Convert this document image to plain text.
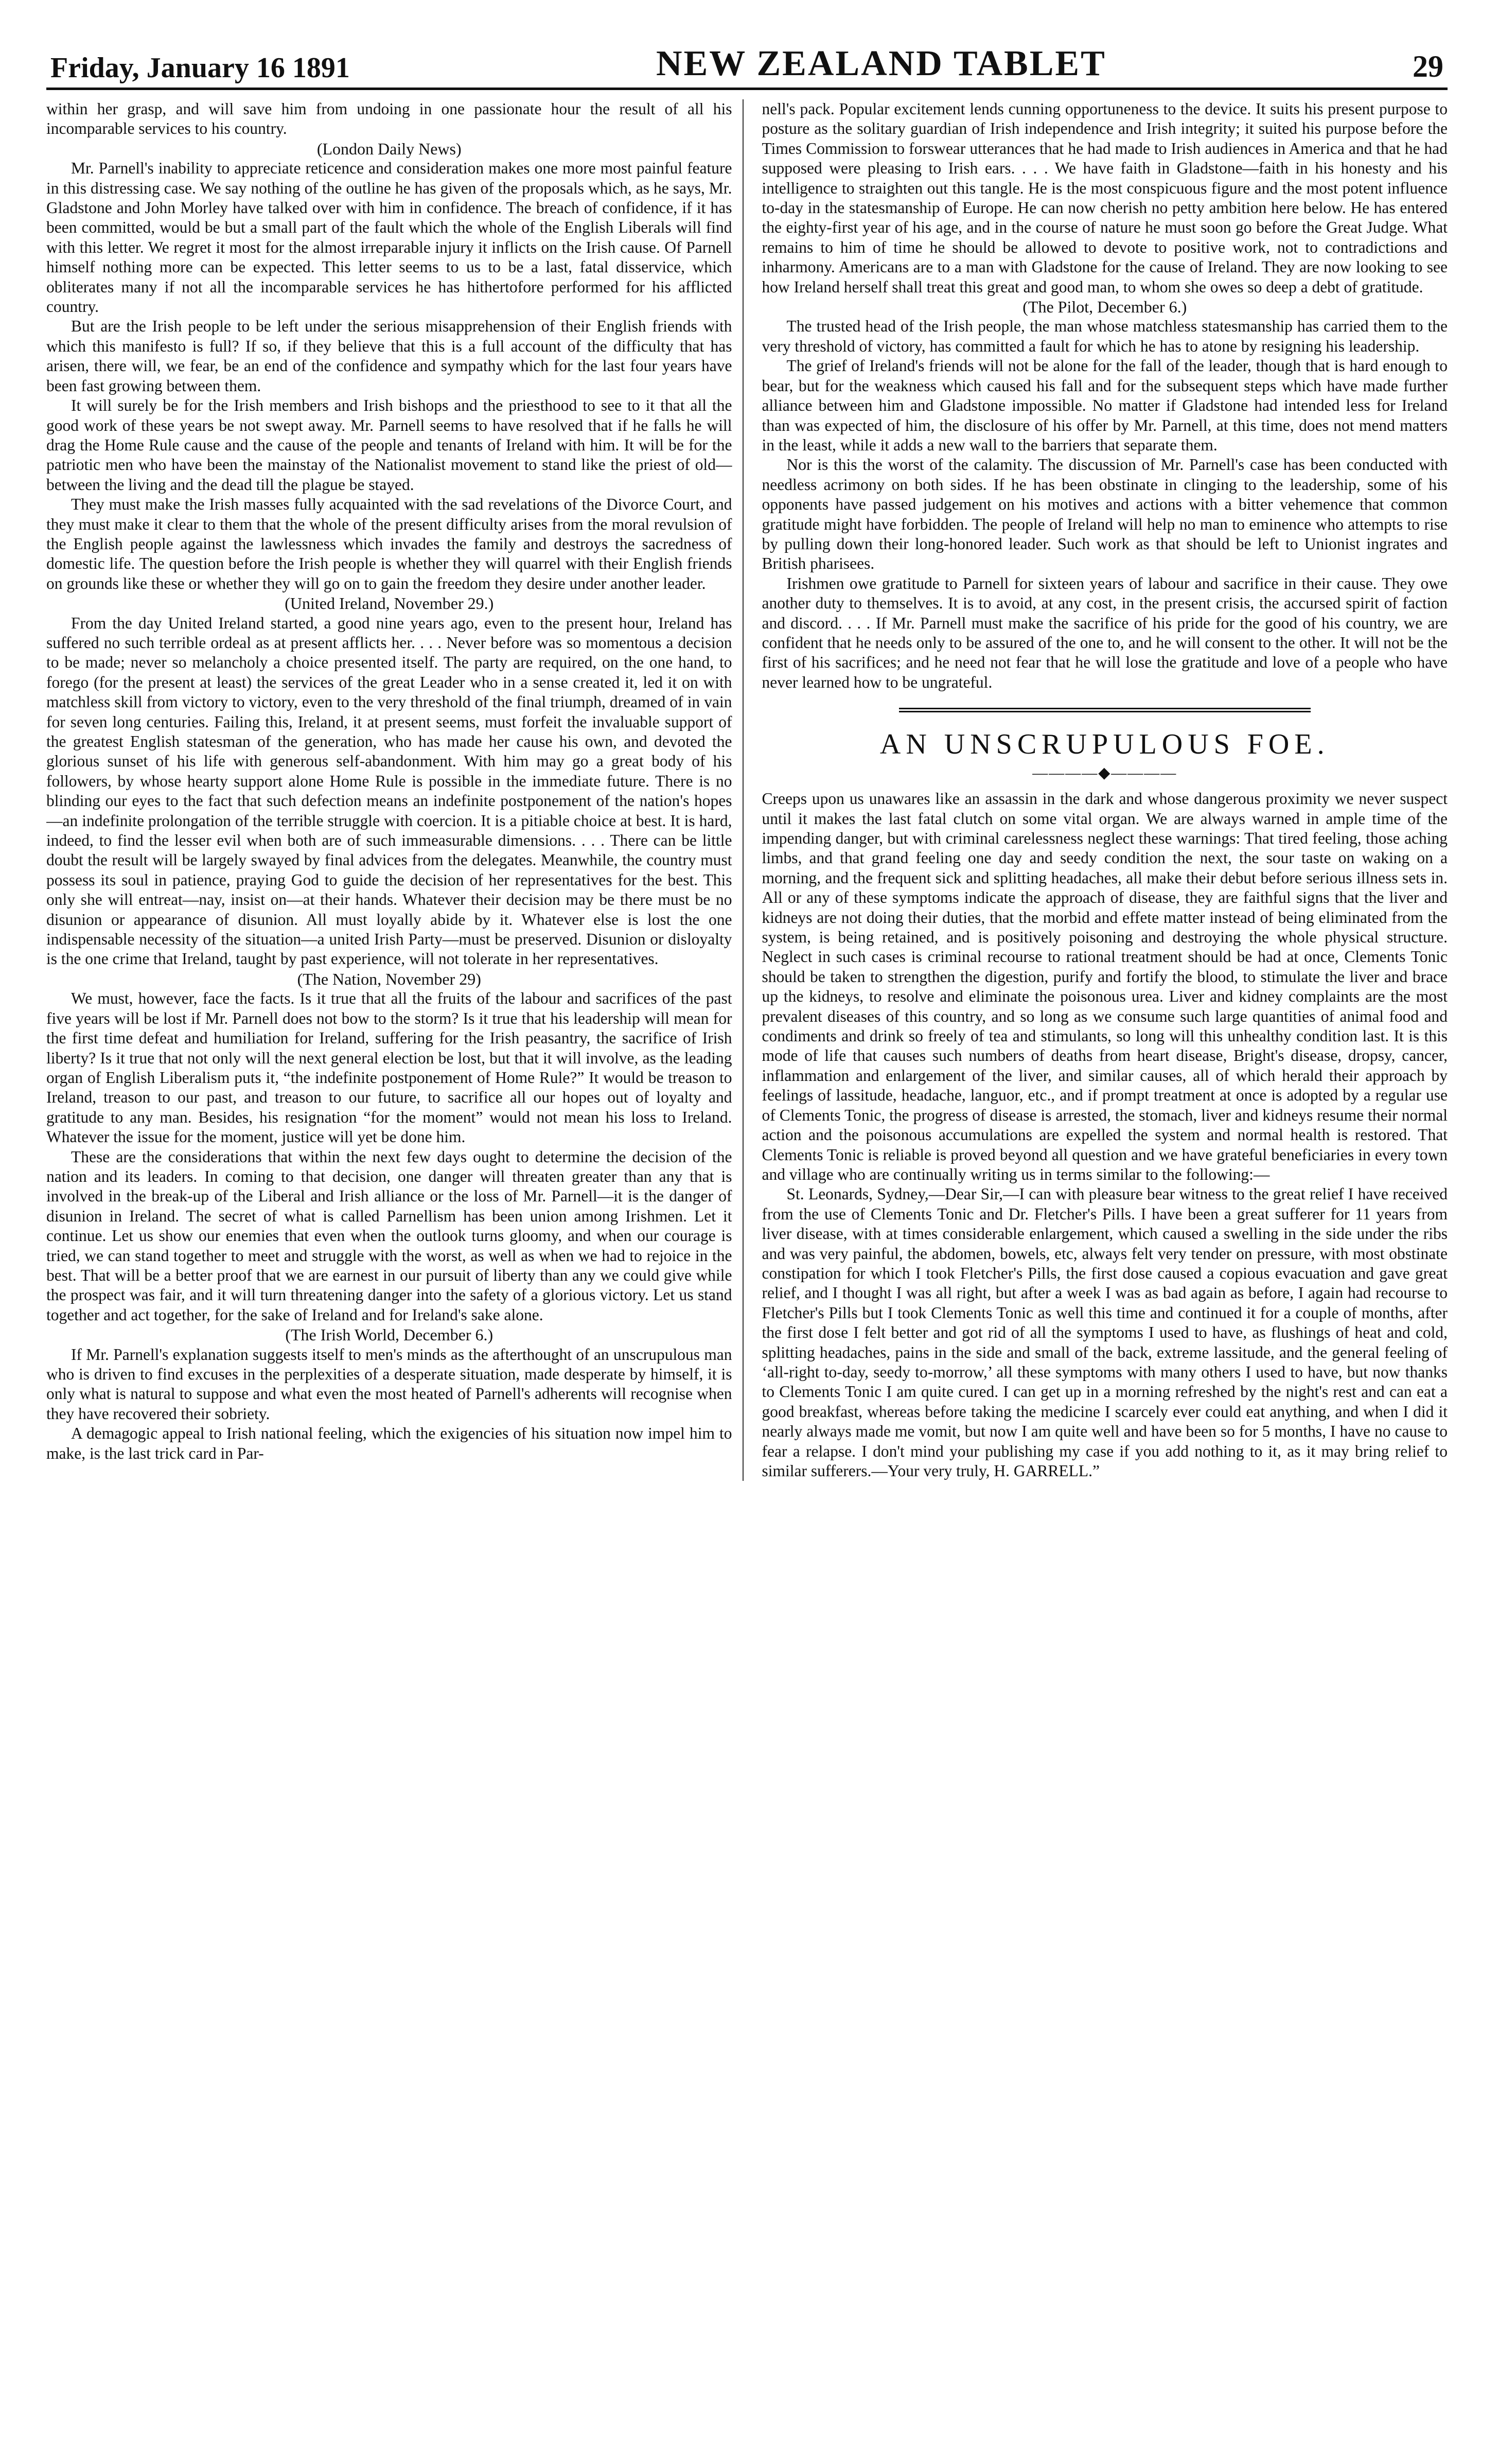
Friday, January 16 1891	NEW ZEALAND TABLET	29

within her grasp, and will save him from undoing in one passionate hour the result of all his incomparable services to his country.

(London Daily News)

Mr. Parnell's inability to appreciate reticence and consideration makes one more most painful feature in this distressing case. We say nothing of the outline he has given of the proposals which, as he says, Mr. Gladstone and John Morley have talked over with him in confidence. The breach of confidence, if it has been committed, would be but a small part of the fault which the whole of the English Liberals will find with this letter. We regret it most for the almost irreparable injury it inflicts on the Irish cause. Of Parnell himself nothing more can be expected. This letter seems to us to be a last, fatal disservice, which obliterates many if not all the incomparable services he has hithertofore performed for his afflicted country.

But are the Irish people to be left under the serious misapprehension of their English friends with which this manifesto is full? If so, if they believe that this is a full account of the difficulty that has arisen, there will, we fear, be an end of the confidence and sympathy which for the last four years have been fast growing between them.

It will surely be for the Irish members and Irish bishops and the priesthood to see to it that all the good work of these years be not swept away. Mr. Parnell seems to have resolved that if he falls he will drag the Home Rule cause and the cause of the people and tenants of Ireland with him. It will be for the patriotic men who have been the mainstay of the Nationalist movement to stand like the priest of old—between the living and the dead till the plague be stayed.

They must make the Irish masses fully acquainted with the sad revelations of the Divorce Court, and they must make it clear to them that the whole of the present difficulty arises from the moral revulsion of the English people against the lawlessness which invades the family and destroys the sacredness of domestic life. The question before the Irish people is whether they will quarrel with their English friends on grounds like these or whether they will go on to gain the freedom they desire under another leader.

(United Ireland, November 29.)

From the day United Ireland started, a good nine years ago, even to the present hour, Ireland has suffered no such terrible ordeal as at present afflicts her. . . . Never before was so momentous a decision to be made; never so melancholy a choice presented itself. The party are required, on the one hand, to forego (for the present at least) the services of the great Leader who in a sense created it, led it on with matchless skill from victory to victory, even to the very threshold of the final triumph, dreamed of in vain for seven long centuries. Failing this, Ireland, it at present seems, must forfeit the invaluable support of the greatest English statesman of the generation, who has made her cause his own, and devoted the glorious sunset of his life with generous self-abandonment. With him may go a great body of his followers, by whose hearty support alone Home Rule is possible in the immediate future. There is no blinding our eyes to the fact that such defection means an indefinite postponement of the nation's hopes—an indefinite prolongation of the terrible struggle with coercion. It is a pitiable choice at best. It is hard, indeed, to find the lesser evil when both are of such immeasurable dimensions. . . . There can be little doubt the result will be largely swayed by final advices from the delegates. Meanwhile, the country must possess its soul in patience, praying God to guide the decision of her representatives for the best. This only she will entreat—nay, insist on—at their hands. Whatever their decision may be there must be no disunion or appearance of disunion. All must loyally abide by it. Whatever else is lost the one indispensable necessity of the situation—a united Irish Party—must be preserved. Disunion or disloyalty is the one crime that Ireland, taught by past experience, will not tolerate in her representatives.

(The Nation, November 29)

We must, however, face the facts. Is it true that all the fruits of the labour and sacrifices of the past five years will be lost if Mr. Parnell does not bow to the storm? Is it true that his leadership will mean for the first time defeat and humiliation for Ireland, suffering for the Irish peasantry, the sacrifice of Irish liberty? Is it true that not only will the next general election be lost, but that it will involve, as the leading organ of English Liberalism puts it, “the indefinite postponement of Home Rule?” It would be treason to Ireland, treason to our past, and treason to our future, to sacrifice all our hopes out of loyalty and gratitude to any man. Besides, his resignation “for the moment” would not mean his loss to Ireland. Whatever the issue for the moment, justice will yet be done him.

These are the considerations that within the next few days ought to determine the decision of the nation and its leaders. In coming to that decision, one danger will threaten greater than any that is involved in the break-up of the Liberal and Irish alliance or the loss of Mr. Parnell—it is the danger of disunion in Ireland. The secret of what is called Parnellism has been union among Irishmen. Let it continue. Let us show our enemies that even when the outlook turns gloomy, and when our courage is tried, we can stand together to meet and struggle with the worst, as well as when we had to rejoice in the best. That will be a better proof that we are earnest in our pursuit of liberty than any we could give while the prospect was fair, and it will turn threatening danger into the safety of a glorious victory. Let us stand together and act together, for the sake of Ireland and for Ireland's sake alone.

(The Irish World, December 6.)

If Mr. Parnell's explanation suggests itself to men's minds as the afterthought of an unscrupulous man who is driven to find excuses in the perplexities of a desperate situation, made desperate by himself, it is only what is natural to suppose and what even the most heated of Parnell's adherents will recognise when they have recovered their sobriety.

A demagogic appeal to Irish national feeling, which the exigencies of his situation now impel him to make, is the last trick card in Par-

nell's pack. Popular excitement lends cunning opportuneness to the device. It suits his present purpose to posture as the solitary guardian of Irish independence and Irish integrity; it suited his purpose before the Times Commission to forswear utterances that he had made to Irish audiences in America and that he had supposed were pleasing to Irish ears. . . . We have faith in Gladstone—faith in his honesty and his intelligence to straighten out this tangle. He is the most conspicuous figure and the most potent influence to-day in the statesmanship of Europe. He can now cherish no petty ambition here below. He has entered the eighty-first year of his age, and in the course of nature he must soon go before the Great Judge. What remains to him of time he should be allowed to devote to positive work, not to contradictions and inharmony. Americans are to a man with Gladstone for the cause of Ireland. They are now looking to see how Ireland herself shall treat this great and good man, to whom she owes so deep a debt of gratitude.

(The Pilot, December 6.)

The trusted head of the Irish people, the man whose matchless statesmanship has carried them to the very threshold of victory, has committed a fault for which he has to atone by resigning his leadership.

The grief of Ireland's friends will not be alone for the fall of the leader, though that is hard enough to bear, but for the weakness which caused his fall and for the subsequent steps which have made further alliance between him and Gladstone impossible. No matter if Gladstone had intended less for Ireland than was expected of him, the disclosure of his offer by Mr. Parnell, at this time, does not mend matters in the least, while it adds a new wall to the barriers that separate them.

Nor is this the worst of the calamity. The discussion of Mr. Parnell's case has been conducted with needless acrimony on both sides. If he has been obstinate in clinging to the leadership, some of his opponents have passed judgement on his motives and actions with a bitter vehemence that common gratitude might have forbidden. The people of Ireland will help no man to eminence who attempts to rise by pulling down their long-honored leader. Such work as that should be left to Unionist ingrates and British pharisees.

Irishmen owe gratitude to Parnell for sixteen years of labour and sacrifice in their cause. They owe another duty to themselves. It is to avoid, at any cost, in the present crisis, the accursed spirit of faction and discord. . . . If Mr. Parnell must make the sacrifice of his pride for the good of his country, we are confident that he needs only to be assured of the one to, and he will consent to the other. It will not be the first of his sacrifices; and he need not fear that he will lose the gratitude and love of a people who have never learned how to be ungrateful.

AN UNSCRUPULOUS FOE.
————◆————

Creeps upon us unawares like an assassin in the dark and whose dangerous proximity we never suspect until it makes the last fatal clutch on some vital organ. We are always warned in ample time of the impending danger, but with criminal carelessness neglect these warnings: That tired feeling, those aching limbs, and that grand feeling one day and seedy condition the next, the sour taste on waking on a morning, and the frequent sick and splitting headaches, all make their debut before serious illness sets in. All or any of these symptoms indicate the approach of disease, they are faithful signs that the liver and kidneys are not doing their duties, that the morbid and effete matter instead of being eliminated from the system, is being retained, and is positively poisoning and destroying the whole physical structure. Neglect in such cases is criminal recourse to rational treatment should be had at once, Clements Tonic should be taken to strengthen the digestion, purify and fortify the blood, to stimulate the liver and brace up the kidneys, to resolve and eliminate the poisonous urea. Liver and kidney complaints are the most prevalent diseases of this country, and so long as we consume such large quantities of animal food and condiments and drink so freely of tea and stimulants, so long will this unhealthy condition last. It is this mode of life that causes such numbers of deaths from heart disease, Bright's disease, dropsy, cancer, inflammation and enlargement of the liver, and similar causes, all of which herald their approach by feelings of lassitude, headache, languor, etc., and if prompt treatment at once is adopted by a regular use of Clements Tonic, the progress of disease is arrested, the stomach, liver and kidneys resume their normal action and the poisonous accumulations are expelled the system and normal health is restored. That Clements Tonic is reliable is proved beyond all question and we have grateful beneficiaries in every town and village who are continually writing us in terms similar to the following:—

St. Leonards, Sydney,—Dear Sir,—I can with pleasure bear witness to the great relief I have received from the use of Clements Tonic and Dr. Fletcher's Pills. I have been a great sufferer for 11 years from liver disease, with at times considerable enlargement, which caused a swelling in the side under the ribs and was very painful, the abdomen, bowels, etc, always felt very tender on pressure, with most obstinate constipation for which I took Fletcher's Pills, the first dose caused a copious evacuation and gave great relief, and I thought I was all right, but after a week I was as bad again as before, I again had recourse to Fletcher's Pills but I took Clements Tonic as well this time and continued it for a couple of months, after the first dose I felt better and got rid of all the symptoms I used to have, as flushings of heat and cold, splitting headaches, pains in the side and small of the back, extreme lassitude, and the general feeling of ‘all-right to-day, seedy to-morrow,’ all these symptoms with many others I used to have, but now thanks to Clements Tonic I am quite cured. I can get up in a morning refreshed by the night's rest and can eat a good breakfast, whereas before taking the medicine I scarcely ever could eat anything, and when I did it nearly always made me vomit, but now I am quite well and have been so for 5 months, I have no cause to fear a relapse. I don't mind your publishing my case if you add nothing to it, as it may bring relief to similar sufferers.—Your very truly, H. GARRELL.”
